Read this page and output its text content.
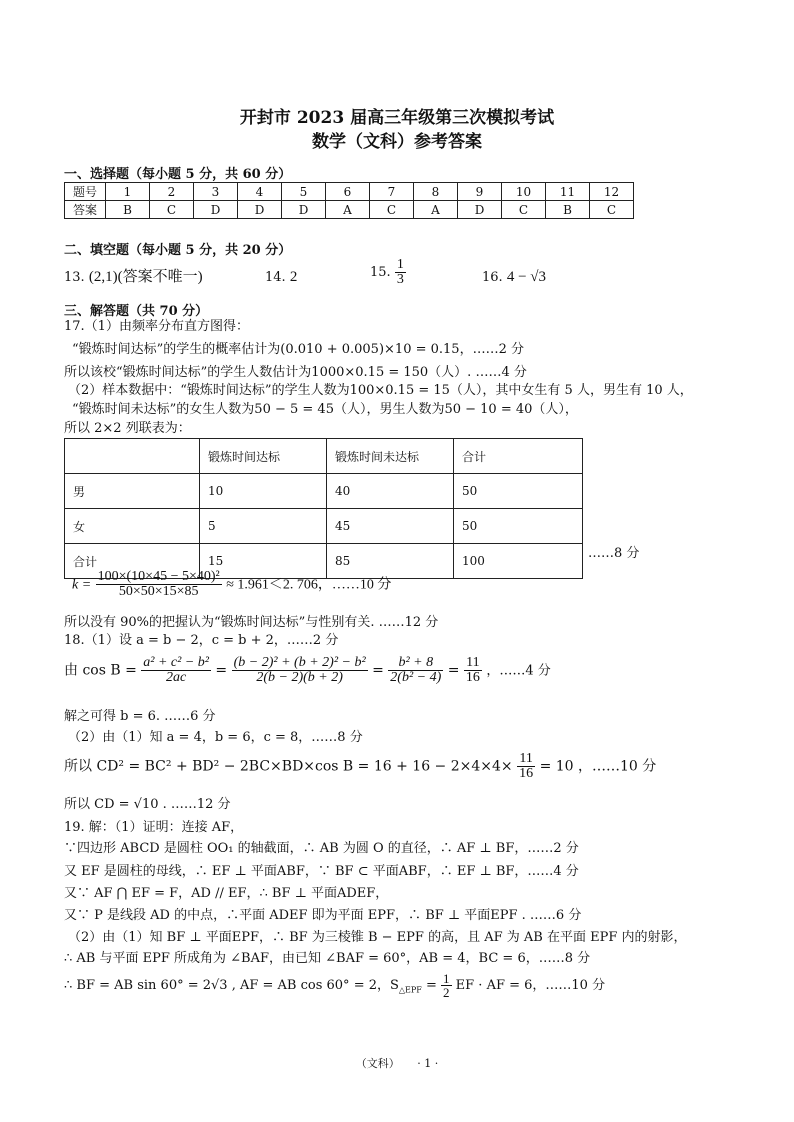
开封市 2023 届高三年级第三次模拟考试
数学（文科）参考答案
一、选择题（每小题 5 分，共 60 分）
题号	1	2	3	4	5	6	7	8	9	10	11	12
答案	B	C	D	D	D	A	C	A	D	C	B	C
二、填空题（每小题 5 分，共 20 分）
13. (2,1)(答案不唯一)	14. 2	15. $\frac{1}{3}$	16. 4 − √3
三、解答题（共 70 分）
17.（1）由频率分布直方图得：
“锻炼时间达标”的学生的概率估计为(0.010 + 0.005)×10 = 0.15，……2 分
所以该校“锻炼时间达标”的学生人数估计为1000×0.15 = 150（人）. ……4 分
（2）样本数据中：“锻炼时间达标”的学生人数为100×0.15 = 15（人），其中女生有 5 人，男生有 10 人，
“锻炼时间未达标”的女生人数为50 − 5 = 45（人），男生人数为50 − 10 = 40（人），
所以 2×2 列联表为：
	锻炼时间达标	锻炼时间未达标	合计
男	10	40	50
女	5	45	50
合计	15	85	100	……8 分
$k = \frac{\text{100×(10×45 − 5×40)²}}{50\times 50\times 15\times 85} \approx 1.961<2$. 706，……10 分
所以没有 90%的把握认为“锻炼时间达标”与性别有关. ……12 分
18.（1）设 a = b − 2，c = b + 2，……2 分
由 $\cos B = \frac{\text{a² + c² − b²}}{2ac} = \frac{\text{(b − 2)² + (b + 2)² − b²}}{2(b - 2)(b + 2)} = \frac{\text{b² + 8}}{\text{2(b² − 4)}} = \frac{11}{16}$ ，……4 分
解之可得 b = 6. ……6 分
（2）由（1）知 a = 4，b = 6，c = 8，……8 分
所以 CD² = BC² + BD² − 2BC×BD×cos $B = 16 + 16 - 2\times 4\times 4\times \frac{11}{16} = 10$ ，……10 分
所以 CD = √10 . ……12 分
19. 解：（1）证明：连接 AF，
∵四边形 ABCD 是圆柱 OO₁ 的轴截面，∴ AB 为圆 O 的直径，∴ AF ⊥ BF，……2 分
又 EF 是圆柱的母线，∴ EF ⊥ 平面ABF，∵ BF ⊂ 平面ABF，∴ EF ⊥ BF，……4 分
又∵ AF ⋂ EF = F，AD // EF，∴ BF ⊥ 平面ADEF，
又∵ P 是线段 AD 的中点，∴平面 ADEF 即为平面 EPF，∴ BF ⊥ 平面EPF . ……6 分
（2）由（1）知 BF ⊥ 平面EPF，∴ BF 为三棱锥 B − EPF 的高，且 AF 为 AB 在平面 EPF 内的射影，
∴ AB 与平面 EPF 所成角为 ∠BAF，由已知 ∠BAF = 60°，AB = 4，BC = 6，……8 分
∴ BF = AB sin 60° = 2√3 , AF = AB cos 60° = 2，$S_{\triangle EPF} = \frac{1}{2}$ EF · AF = 6，……10 分
（文科） · 1 ·
